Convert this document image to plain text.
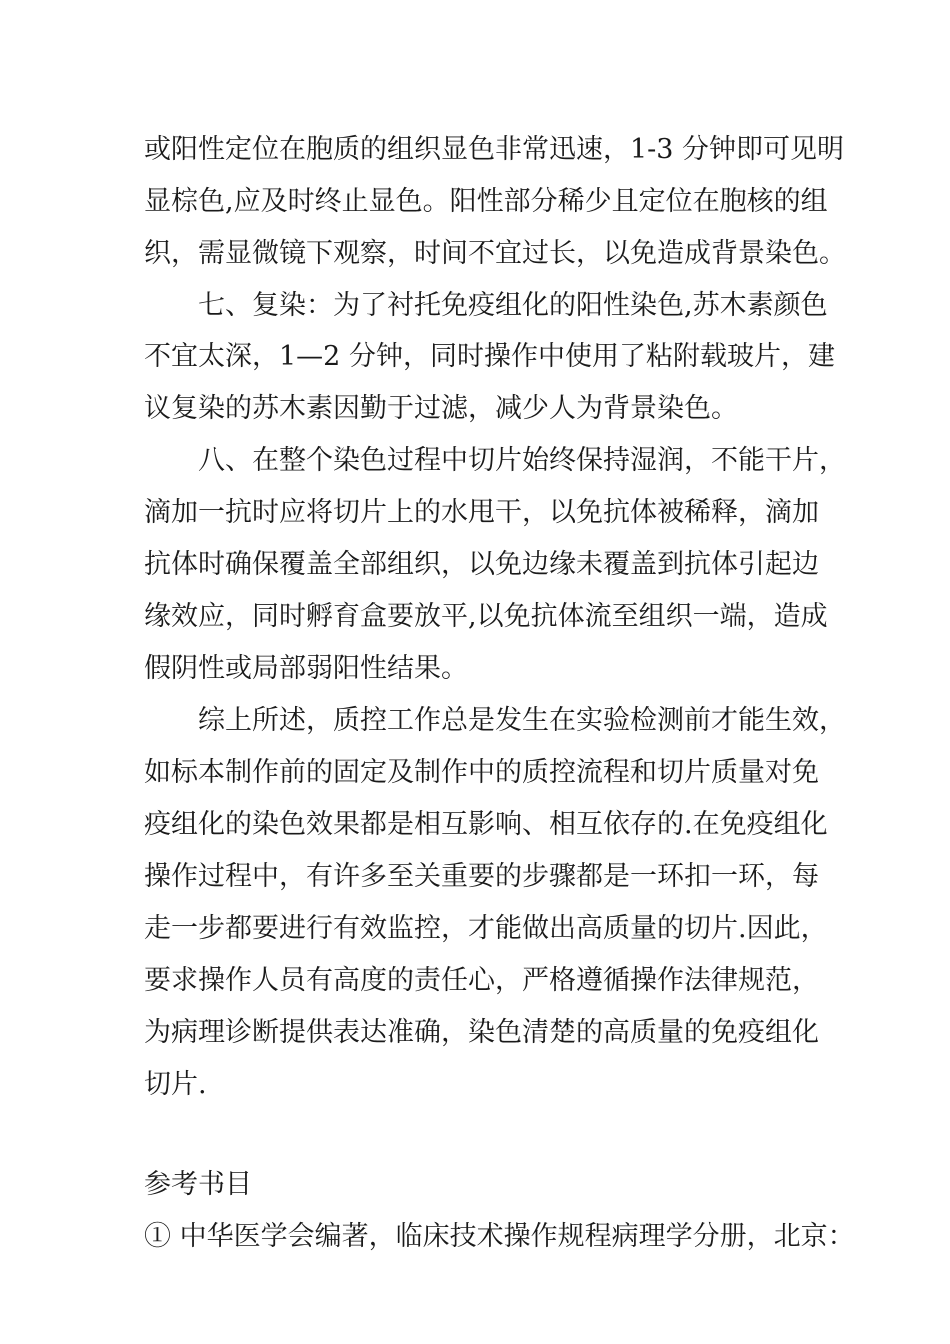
或阳性定位在胞质的组织显色非常迅速，1-3 分钟即可见明
显棕色,应及时终止显色。阳性部分稀少且定位在胞核的组
织，需显微镜下观察，时间不宜过长，以免造成背景染色。
七、复染：为了衬托免疫组化的阳性染色,苏木素颜色
不宜太深，1—2 分钟，同时操作中使用了粘附载玻片，建
议复染的苏木素因勤于过滤，减少人为背景染色。
八、在整个染色过程中切片始终保持湿润，不能干片，
滴加一抗时应将切片上的水甩干，以免抗体被稀释，滴加
抗体时确保覆盖全部组织，以免边缘未覆盖到抗体引起边
缘效应，同时孵育盒要放平,以免抗体流至组织一端，造成
假阴性或局部弱阳性结果。
综上所述，质控工作总是发生在实验检测前才能生效，
如标本制作前的固定及制作中的质控流程和切片质量对免
疫组化的染色效果都是相互影响、相互依存的.在免疫组化
操作过程中，有许多至关重要的步骤都是一环扣一环，每
走一步都要进行有效监控，才能做出高质量的切片.因此，
要求操作人员有高度的责任心，严格遵循操作法律规范，
为病理诊断提供表达准确，染色清楚的高质量的免疫组化
切片.
参考书目
① 中华医学会编著，临床技术操作规程病理学分册，北京：
